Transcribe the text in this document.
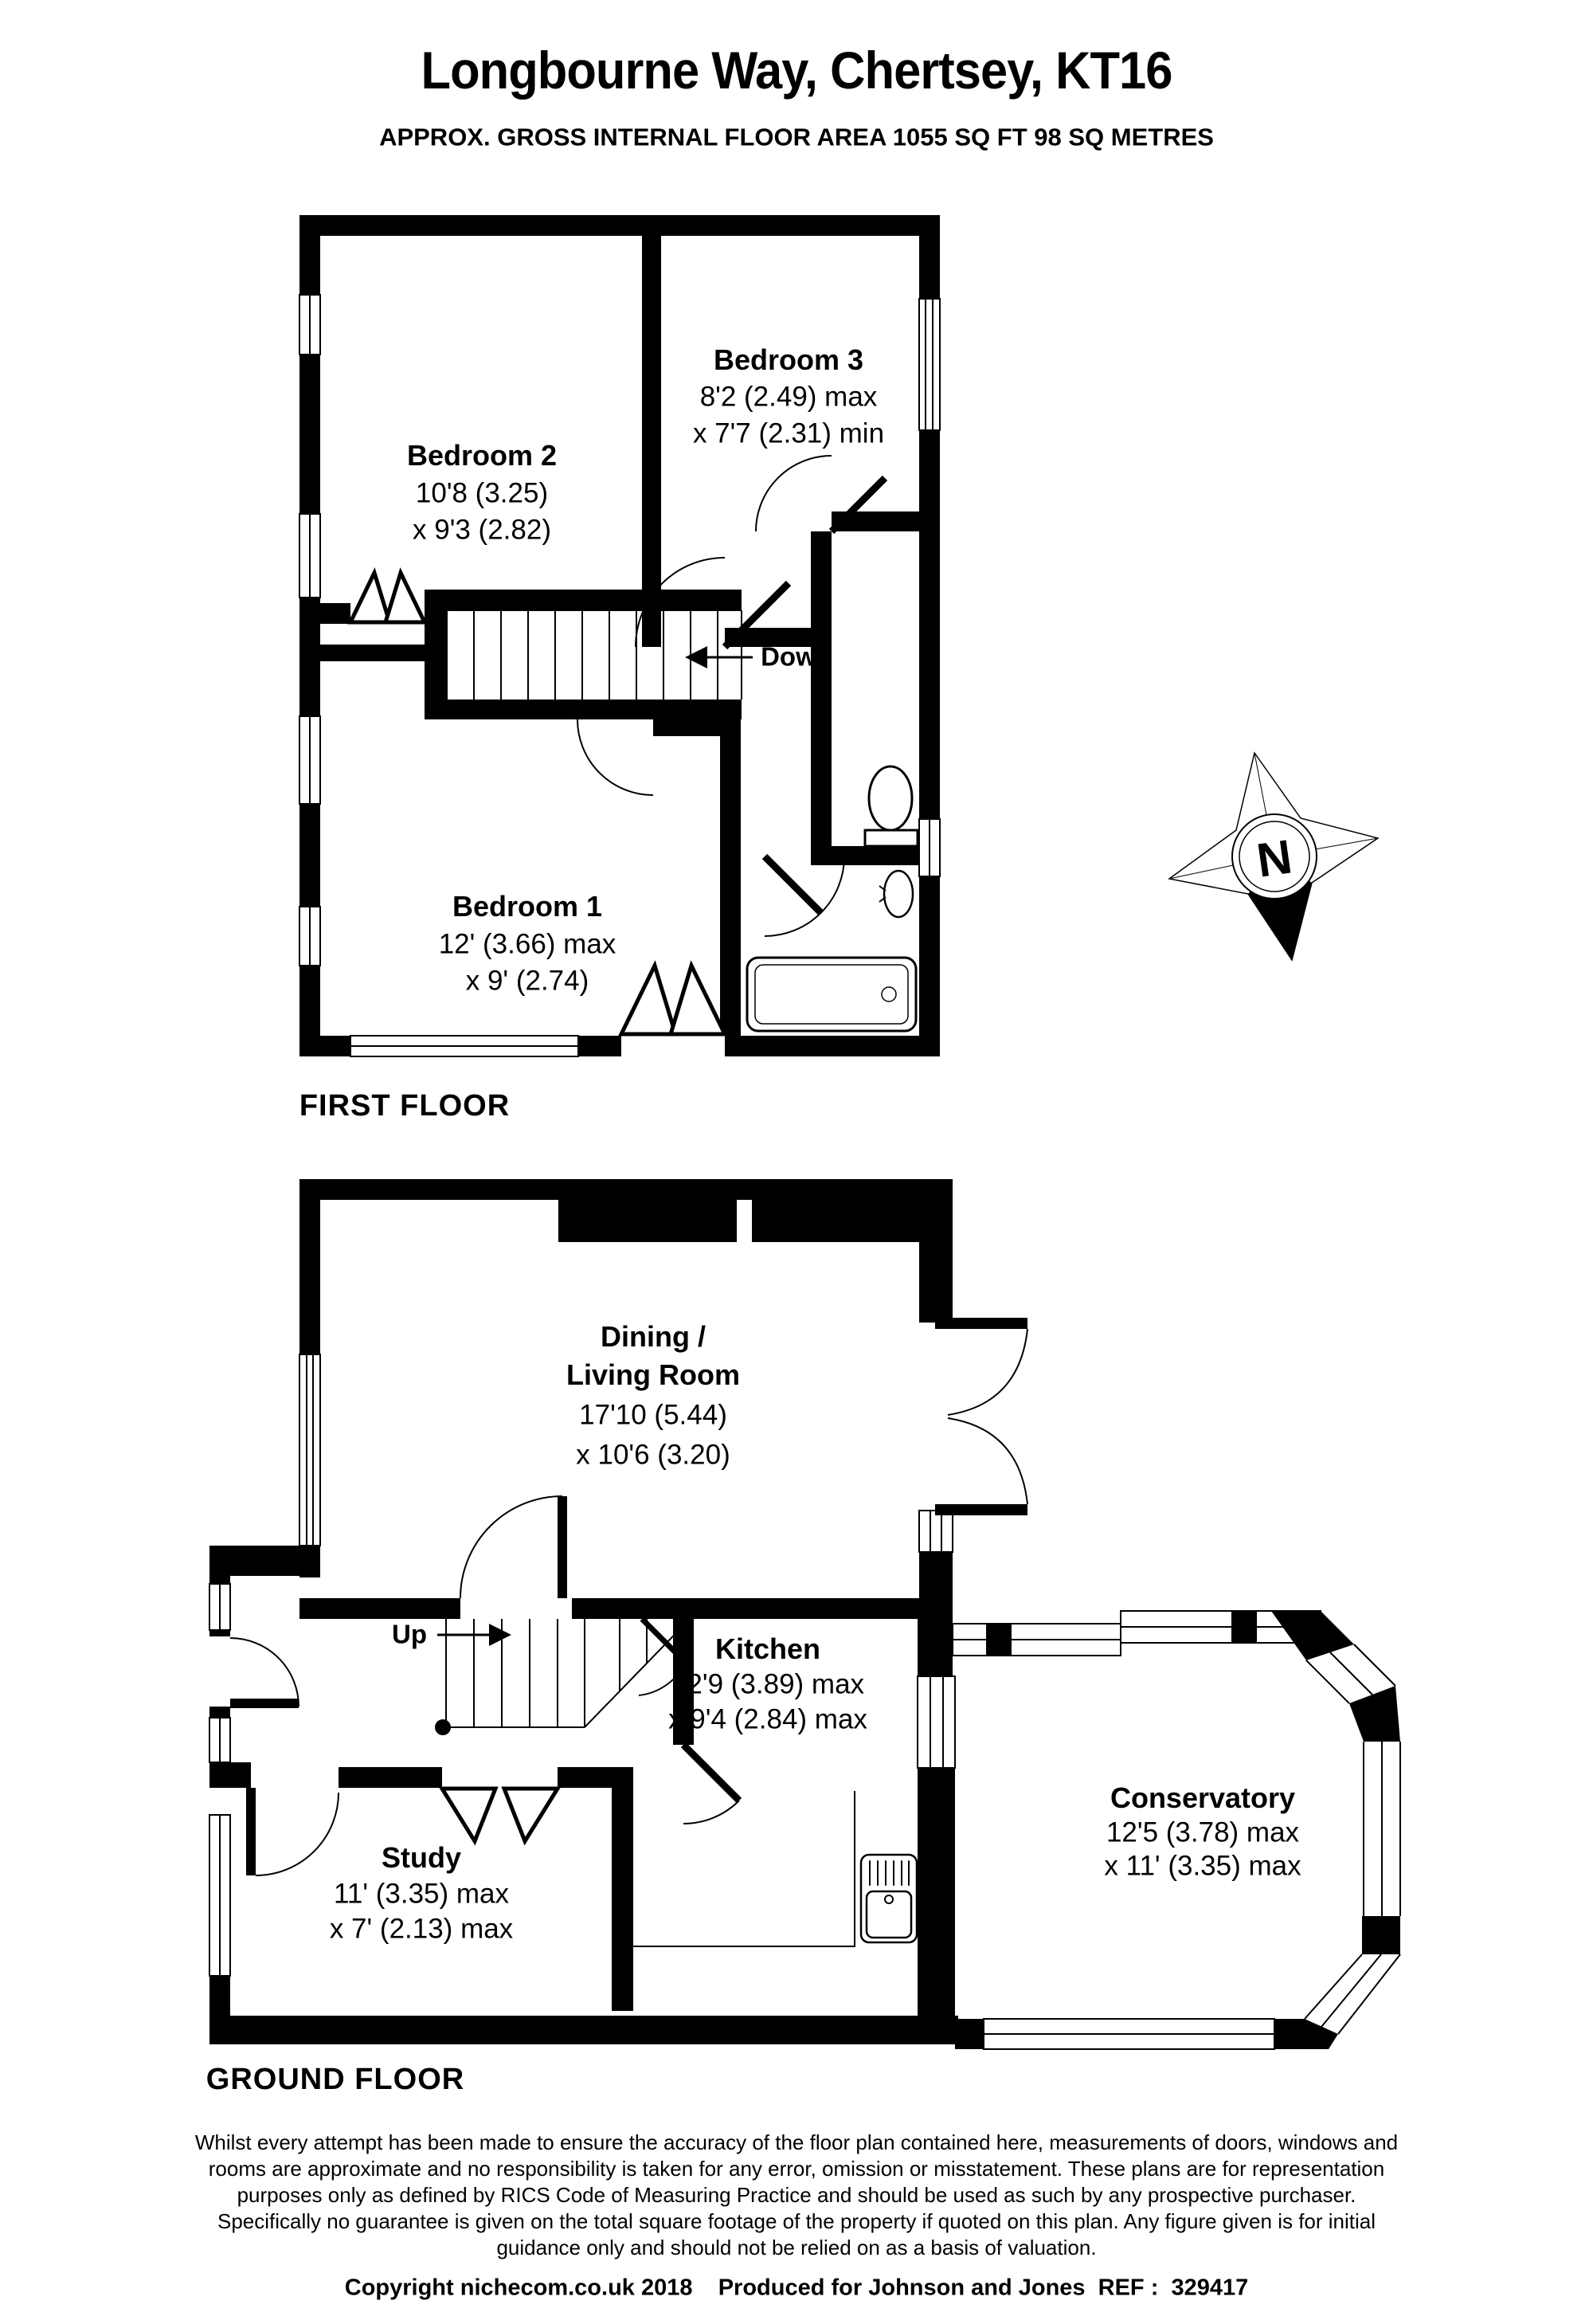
Longbourne Way, Chertsey, KT16
APPROX. GROSS INTERNAL FLOOR AREA 1055 SQ FT 98 SQ METRES
Bedroom 2
10'8 (3.25)
x 9'3 (2.82)
Bedroom 3
8'2 (2.49) max
x 7'7 (2.31) min
Bedroom 1
12' (3.66) max
x 9' (2.74)
Down
FIRST FLOOR
Dining /
Living Room
17'10 (5.44)
x 10'6 (3.20)
Up	Kitchen
12'9 (3.89) max
x 9'4 (2.84) max
Study
11' (3.35) max
x 7' (2.13) max
Conservatory
12'5 (3.78) max
x 11' (3.35) max
GROUND FLOOR
N
Whilst every attempt has been made to ensure the accuracy of the floor plan contained here, measurements of doors, windows and
rooms are approximate and no responsibility is taken for any error, omission or misstatement. These plans are for representation
purposes only as defined by RICS Code of Measuring Practice and should be used as such by any prospective purchaser.
Specifically no guarantee is given on the total square footage of the property if quoted on this plan. Any figure given is for initial
guidance only and should not be relied on as a basis of valuation.
Copyright nichecom.co.uk 2018    Produced for Johnson and Jones  REF :  329417
